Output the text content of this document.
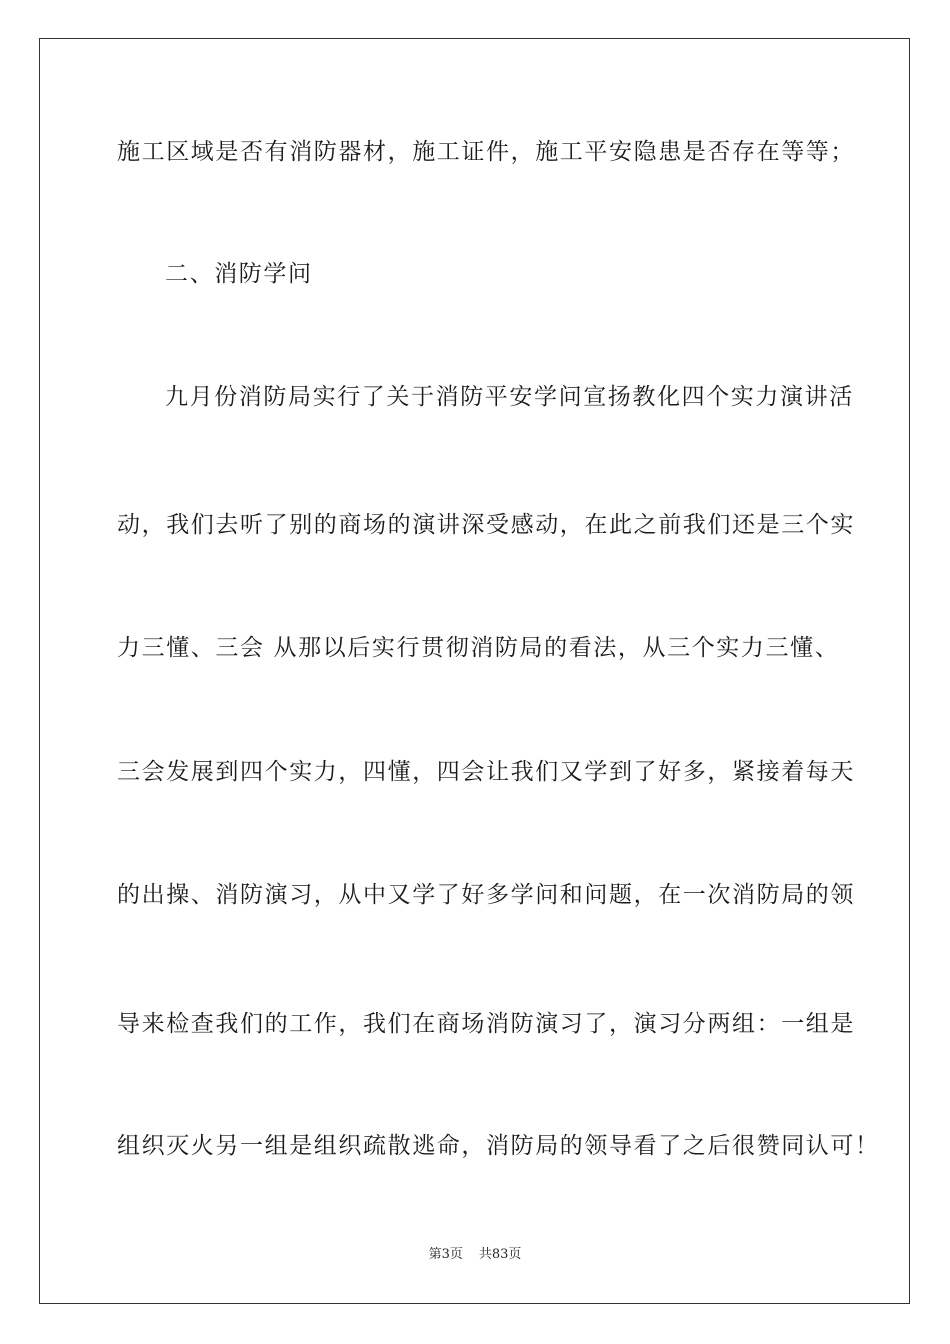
施工区域是否有消防器材，施工证件，施工平安隐患是否存在等等；
二、消防学问
九月份消防局实行了关于消防平安学问宣扬教化四个实力演讲活
动，我们去听了别的商场的演讲深受感动，在此之前我们还是三个实
力三懂、三会 从那以后实行贯彻消防局的看法，从三个实力三懂、
三会发展到四个实力，四懂，四会让我们又学到了好多，紧接着每天
的出操、消防演习，从中又学了好多学问和问题，在一次消防局的领
导来检查我们的工作，我们在商场消防演习了，演习分两组：一组是
组织灭火另一组是组织疏散逃命，消防局的领导看了之后很赞同认可！
第3页 共83页
